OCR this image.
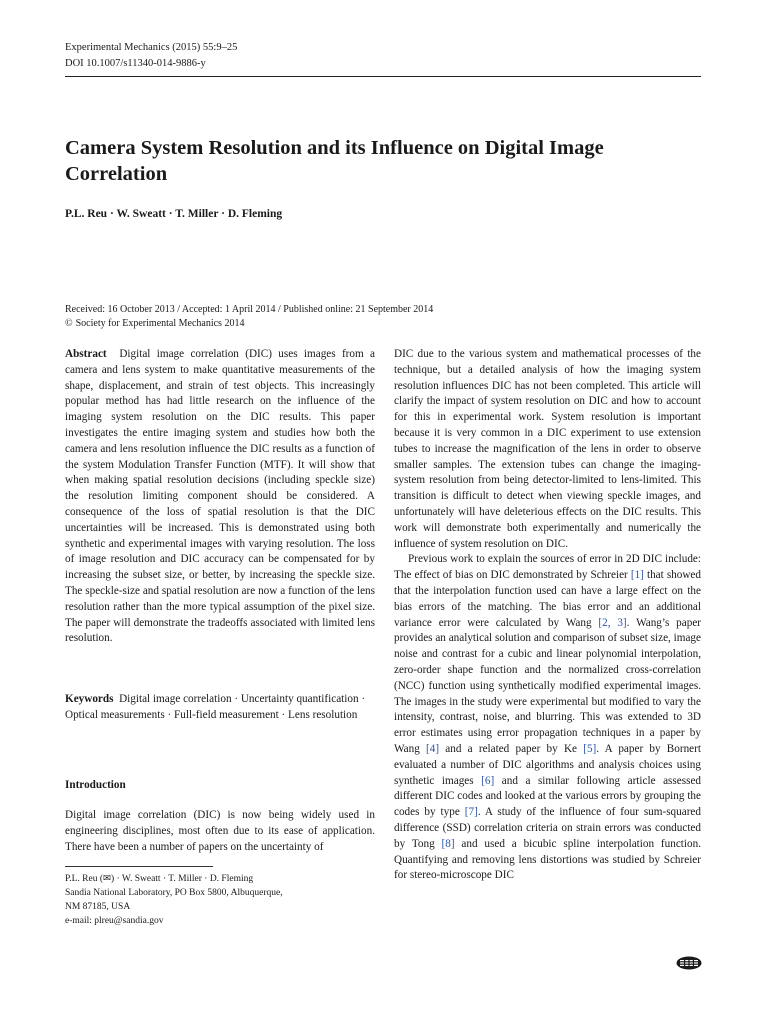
Experimental Mechanics (2015) 55:9–25
DOI 10.1007/s11340-014-9886-y
Camera System Resolution and its Influence on Digital Image Correlation
P.L. Reu · W. Sweatt · T. Miller · D. Fleming
Received: 16 October 2013 / Accepted: 1 April 2014 / Published online: 21 September 2014
© Society for Experimental Mechanics 2014

Abstract Digital image correlation (DIC) uses images from a camera and lens system to make quantitative measurements of the shape, displacement, and strain of test objects. This increasingly popular method has had little research on the influence of the imaging system resolution on the DIC results. This paper investigates the entire imaging system and studies how both the camera and lens resolution influence the DIC results as a function of the system Modulation Transfer Function (MTF). It will show that when making spatial resolution decisions (including speckle size) the resolution limiting component should be considered. A consequence of the loss of spatial resolution is that the DIC uncertainties will be increased. This is demonstrated using both synthetic and experimental images with varying resolution. The loss of image resolution and DIC accuracy can be compensated for by increasing the subset size, or better, by increasing the speckle size. The speckle-size and spatial resolution are now a function of the lens resolution rather than the more typical assumption of the pixel size. The paper will demonstrate the tradeoffs associated with limited lens resolution.

Keywords Digital image correlation · Uncertainty quantification · Optical measurements · Full-field measurement · Lens resolution

Introduction

Digital image correlation (DIC) is now being widely used in engineering disciplines, most often due to its ease of application. There have been a number of papers on the uncertainty of

P.L. Reu (✉) · W. Sweatt · T. Miller · D. Fleming
Sandia National Laboratory, PO Box 5800, Albuquerque,
NM 87185, USA
e-mail: plreu@sandia.gov

DIC due to the various system and mathematical processes of the technique, but a detailed analysis of how the imaging system resolution influences DIC has not been completed. This article will clarify the impact of system resolution on DIC and how to account for this in experimental work. System resolution is important because it is very common in a DIC experiment to use extension tubes to increase the magnification of the lens in order to observe smaller samples. The extension tubes can change the imaging-system resolution from being detector-limited to lens-limited. This transition is difficult to detect when viewing speckle images, and unfortunately will have deleterious effects on the DIC results. This work will demonstrate both experimentally and numerically the influence of system resolution on DIC.

Previous work to explain the sources of error in 2D DIC include: The effect of bias on DIC demonstrated by Schreier [1] that showed that the interpolation function used can have a large effect on the bias errors of the matching. The bias error and an additional variance error were calculated by Wang [2, 3]. Wang’s paper provides an analytical solution and comparison of subset size, image noise and contrast for a cubic and linear polynomial interpolation, zero-order shape function and the normalized cross-correlation (NCC) function using synthetically modified experimental images. The images in the study were experimental but modified to vary the intensity, contrast, noise, and blurring. This was extended to 3D error estimates using error propagation techniques in a paper by Wang [4] and a related paper by Ke [5]. A paper by Bornert evaluated a number of DIC algorithms and analysis choices using synthetic images [6] and a similar following article assessed different DIC codes and looked at the various errors by grouping the codes by type [7]. A study of the influence of four sum-squared difference (SSD) correlation criteria on strain errors was conducted by Tong [8] and used a bicubic spline interpolation function. Quantifying and removing lens distortions was studied by Schreier for stereo-microscope DIC
